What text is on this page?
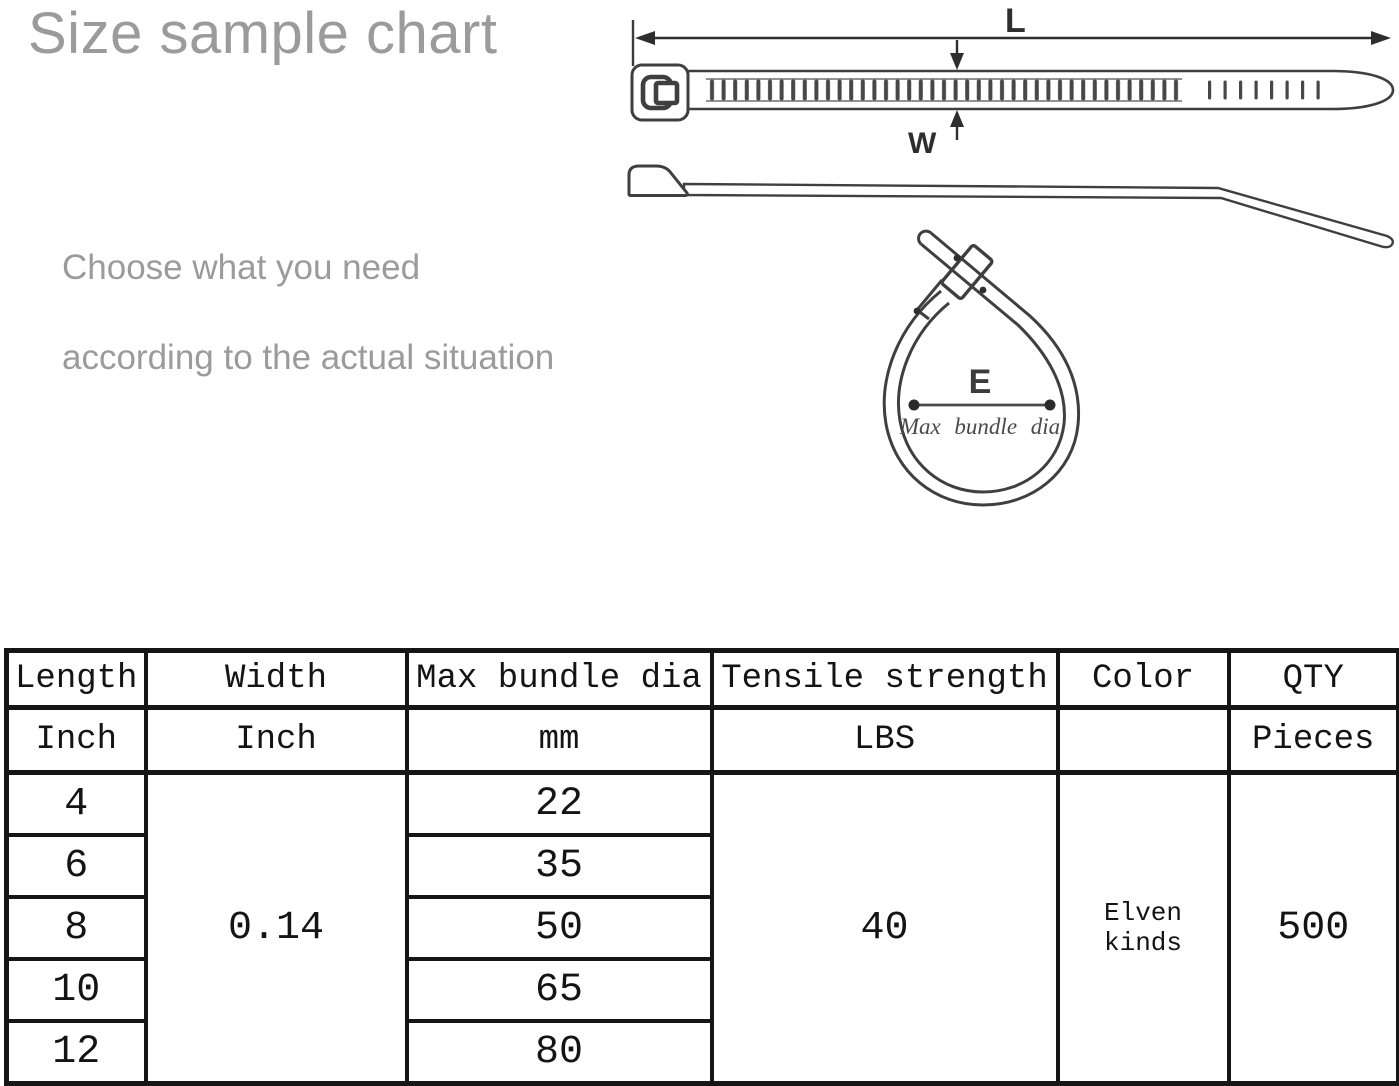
Size sample chart
Choose what you need
according to the actual situation
L
W
E
Max bundle dia
Length	Width	Max bundle dia	Tensile strength	Color	QTY
Inch	Inch	mm	LBS		Pieces
4	0.14	22	40	Elven kinds	500
6		35			
8		50			
10		65			
12		80			
